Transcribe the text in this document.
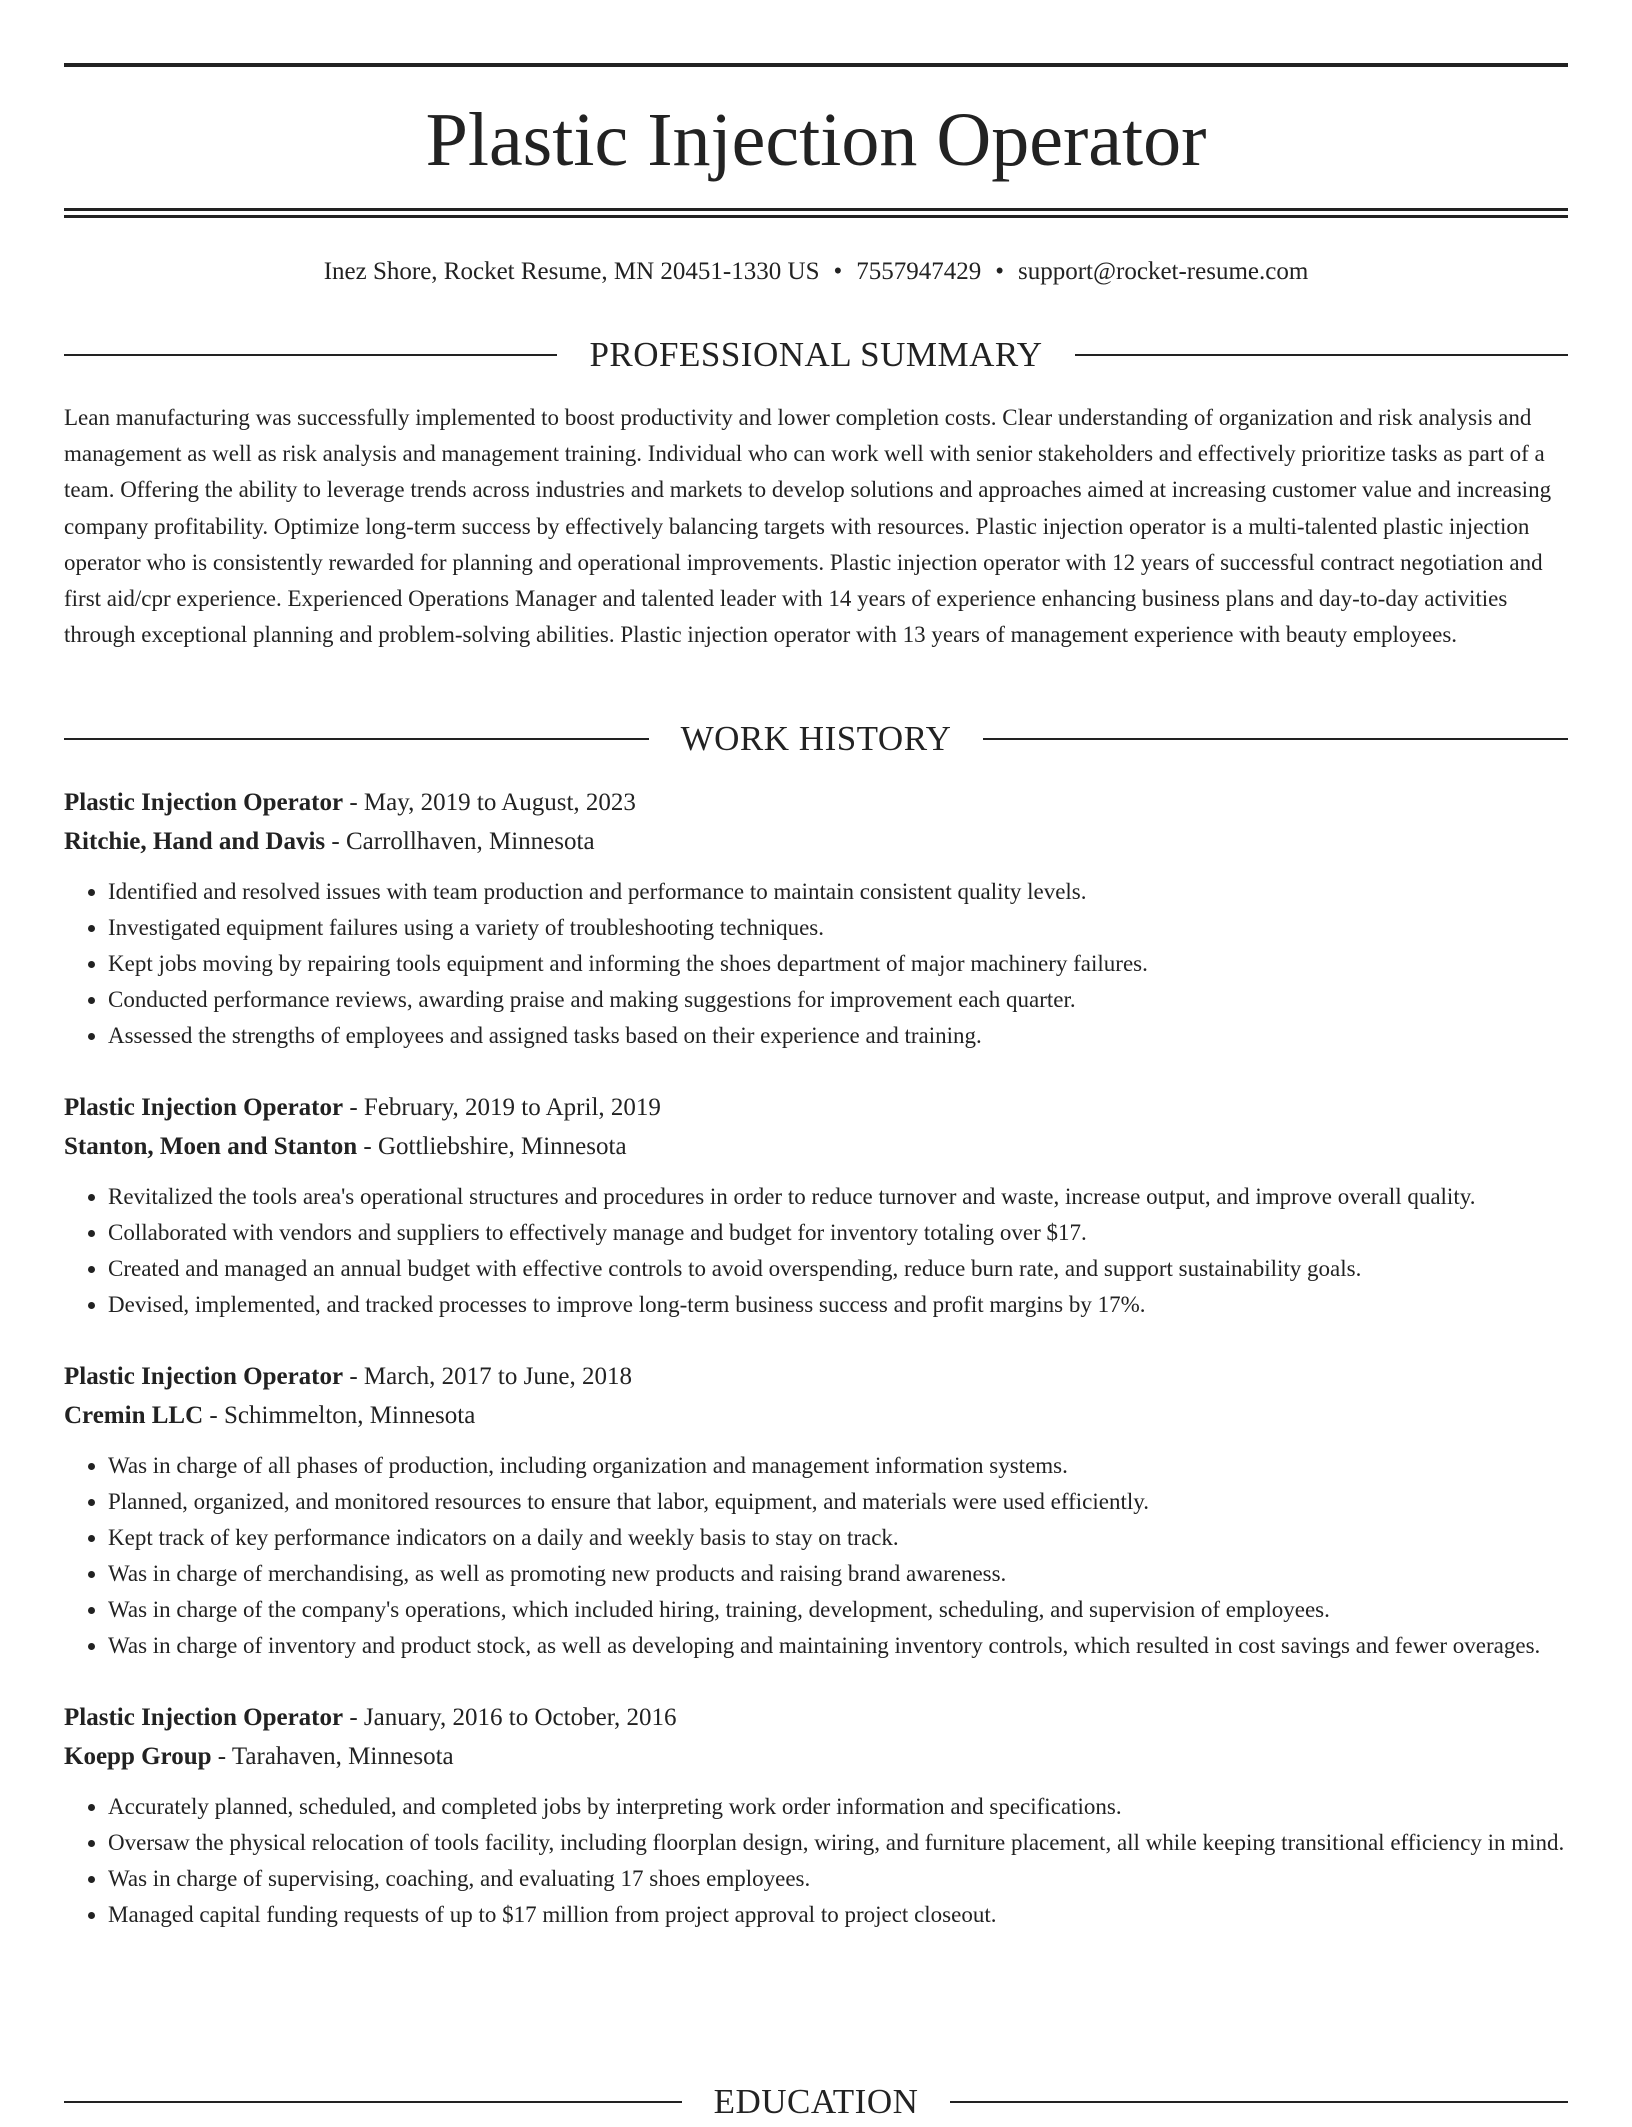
Plastic Injection Operator
Inez Shore, Rocket Resume, MN 20451-1330 US • 7557947429 • support@rocket-resume.com
PROFESSIONAL SUMMARY

Lean manufacturing was successfully implemented to boost productivity and lower completion costs. Clear understanding of organization and risk analysis and management as well as risk analysis and management training. Individual who can work well with senior stakeholders and effectively prioritize tasks as part of a team. Offering the ability to leverage trends across industries and markets to develop solutions and approaches aimed at increasing customer value and increasing company profitability. Optimize long-term success by effectively balancing targets with resources. Plastic injection operator is a multi-talented plastic injection operator who is consistently rewarded for planning and operational improvements. Plastic injection operator with 12 years of successful contract negotiation and first aid/cpr experience. Experienced Operations Manager and talented leader with 14 years of experience enhancing business plans and day-to-day activities through exceptional planning and problem-solving abilities. Plastic injection operator with 13 years of management experience with beauty employees.

WORK HISTORY
Plastic Injection Operator - May, 2019 to August, 2023
Ritchie, Hand and Davis - Carrollhaven, Minnesota
• Identified and resolved issues with team production and performance to maintain consistent quality levels.
• Investigated equipment failures using a variety of troubleshooting techniques.
• Kept jobs moving by repairing tools equipment and informing the shoes department of major machinery failures.
• Conducted performance reviews, awarding praise and making suggestions for improvement each quarter.
• Assessed the strengths of employees and assigned tasks based on their experience and training.
Plastic Injection Operator - February, 2019 to April, 2019
Stanton, Moen and Stanton - Gottliebshire, Minnesota
• Revitalized the tools area's operational structures and procedures in order to reduce turnover and waste, increase output, and improve overall quality.
• Collaborated with vendors and suppliers to effectively manage and budget for inventory totaling over $17.
• Created and managed an annual budget with effective controls to avoid overspending, reduce burn rate, and support sustainability goals.
• Devised, implemented, and tracked processes to improve long-term business success and profit margins by 17%.
Plastic Injection Operator - March, 2017 to June, 2018
Cremin LLC - Schimmelton, Minnesota
• Was in charge of all phases of production, including organization and management information systems.
• Planned, organized, and monitored resources to ensure that labor, equipment, and materials were used efficiently.
• Kept track of key performance indicators on a daily and weekly basis to stay on track.
• Was in charge of merchandising, as well as promoting new products and raising brand awareness.
• Was in charge of the company's operations, which included hiring, training, development, scheduling, and supervision of employees.
• Was in charge of inventory and product stock, as well as developing and maintaining inventory controls, which resulted in cost savings and fewer overages.
Plastic Injection Operator - January, 2016 to October, 2016
Koepp Group - Tarahaven, Minnesota
• Accurately planned, scheduled, and completed jobs by interpreting work order information and specifications.
• Oversaw the physical relocation of tools facility, including floorplan design, wiring, and furniture placement, all while keeping transitional efficiency in mind.
• Was in charge of supervising, coaching, and evaluating 17 shoes employees.
• Managed capital funding requests of up to $17 million from project approval to project closeout.
EDUCATION
